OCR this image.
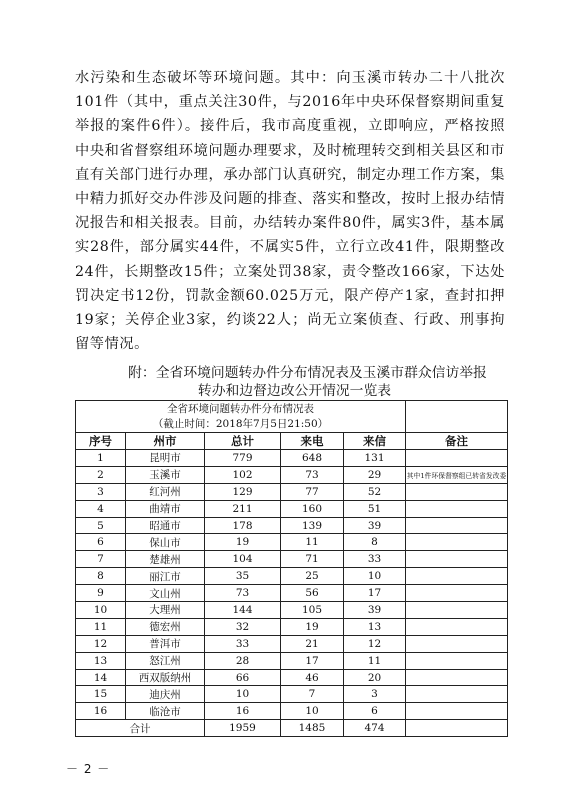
水污染和生态破坏等环境问题。其中：向玉溪市转办二十八批次101件（其中，重点关注30件，与2016年中央环保督察期间重复举报的案件6件）。接件后，我市高度重视，立即响应，严格按照中央和省督察组环境问题办理要求，及时梳理转交到相关县区和市直有关部门进行办理，承办部门认真研究，制定办理工作方案，集中精力抓好交办件涉及问题的排查、落实和整改，按时上报办结情况报告和相关报表。目前，办结转办案件80件，属实3件，基本属实28件，部分属实44件，不属实5件，立行立改41件，限期整改24件，长期整改15件；立案处罚38家，责令整改166家，下达处罚决定书12份，罚款金额60.025万元，限产停产1家，查封扣押19家；关停企业3家，约谈22人；尚无立案侦查、行政、刑事拘留等情况。

附：全省环境问题转办件分布情况表及玉溪市群众信访举报
转办和边督边改公开情况一览表
全省环境问题转办件分布情况表
（截止时间：2018年7月5日21:50）					

序号	州市	总计	来电	来信	备注
1	昆明市	779	648	131	
2	玉溪市	102	73	29	其中1件环保督察组已转省发改委
3	红河州	129	77	52	
4	曲靖市	211	160	51	
5	昭通市	178	139	39	
6	保山市	19	11	8	
7	楚雄州	104	71	33	
8	丽江市	35	25	10	
9	文山州	73	56	17	
10	大理州	144	105	39	
11	德宏州	32	19	13	
12	普洱市	33	21	12	
13	怒江州	28	17	11	
14	西双版纳州	66	46	20	
15	迪庆州	10	7	3	
16	临沧市	16	10	6	
合计		1959	1485	474	
－ 2 －
